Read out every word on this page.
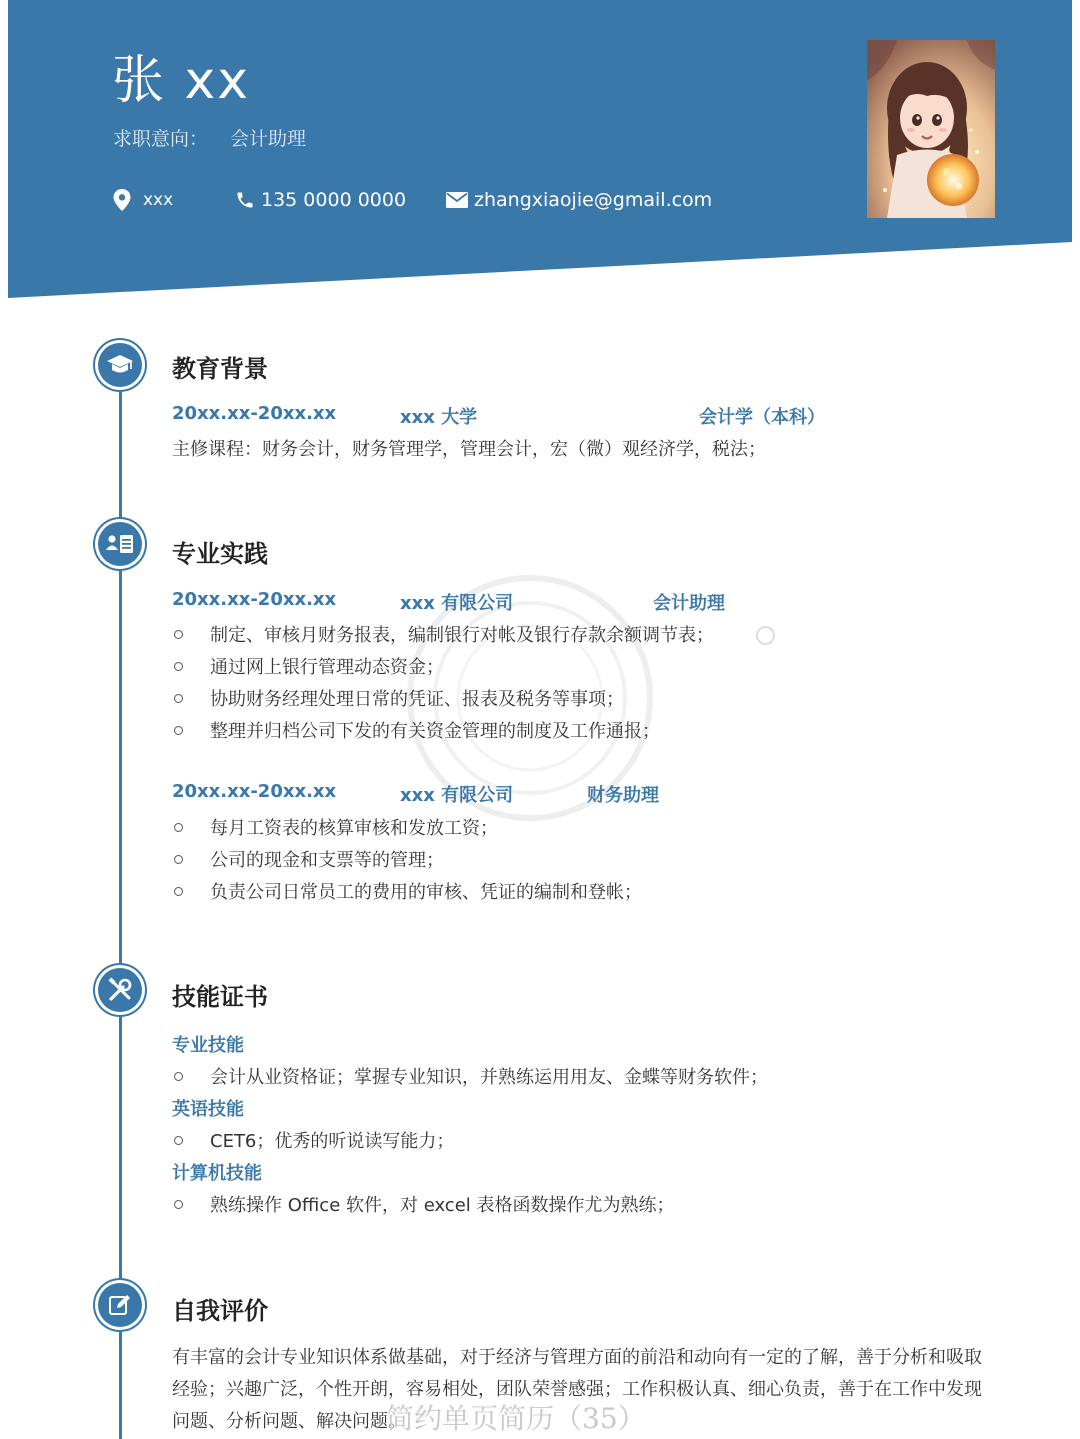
张 xx
求职意向： 会计助理
xxx	135 0000 0000	zhangxiaojie@gmail.com
教育背景
20xx.xx-20xx.xx	xxx 大学	会计学（本科）
主修课程：财务会计，财务管理学，管理会计，宏（微）观经济学，税法；
专业实践
20xx.xx-20xx.xx	xxx 有限公司	会计助理
制定、审核月财务报表，编制银行对帐及银行存款余额调节表；
通过网上银行管理动态资金；
协助财务经理处理日常的凭证、报表及税务等事项；
整理并归档公司下发的有关资金管理的制度及工作通报；
20xx.xx-20xx.xx	xxx 有限公司	财务助理
每月工资表的核算审核和发放工资；
公司的现金和支票等的管理；
负责公司日常员工的费用的审核、凭证的编制和登帐；
技能证书
专业技能
会计从业资格证；掌握专业知识，并熟练运用用友、金蝶等财务软件；
英语技能
CET6；优秀的听说读写能力；
计算机技能
熟练操作 Office 软件，对 excel 表格函数操作尤为熟练；
自我评价
有丰富的会计专业知识体系做基础，对于经济与管理方面的前沿和动向有一定的了解，善于分析和吸取经验；兴趣广泛，个性开朗，容易相处，团队荣誉感强；工作积极认真、细心负责，善于在工作中发现问题、分析问题、解决问题。
简约单页简历（35）
